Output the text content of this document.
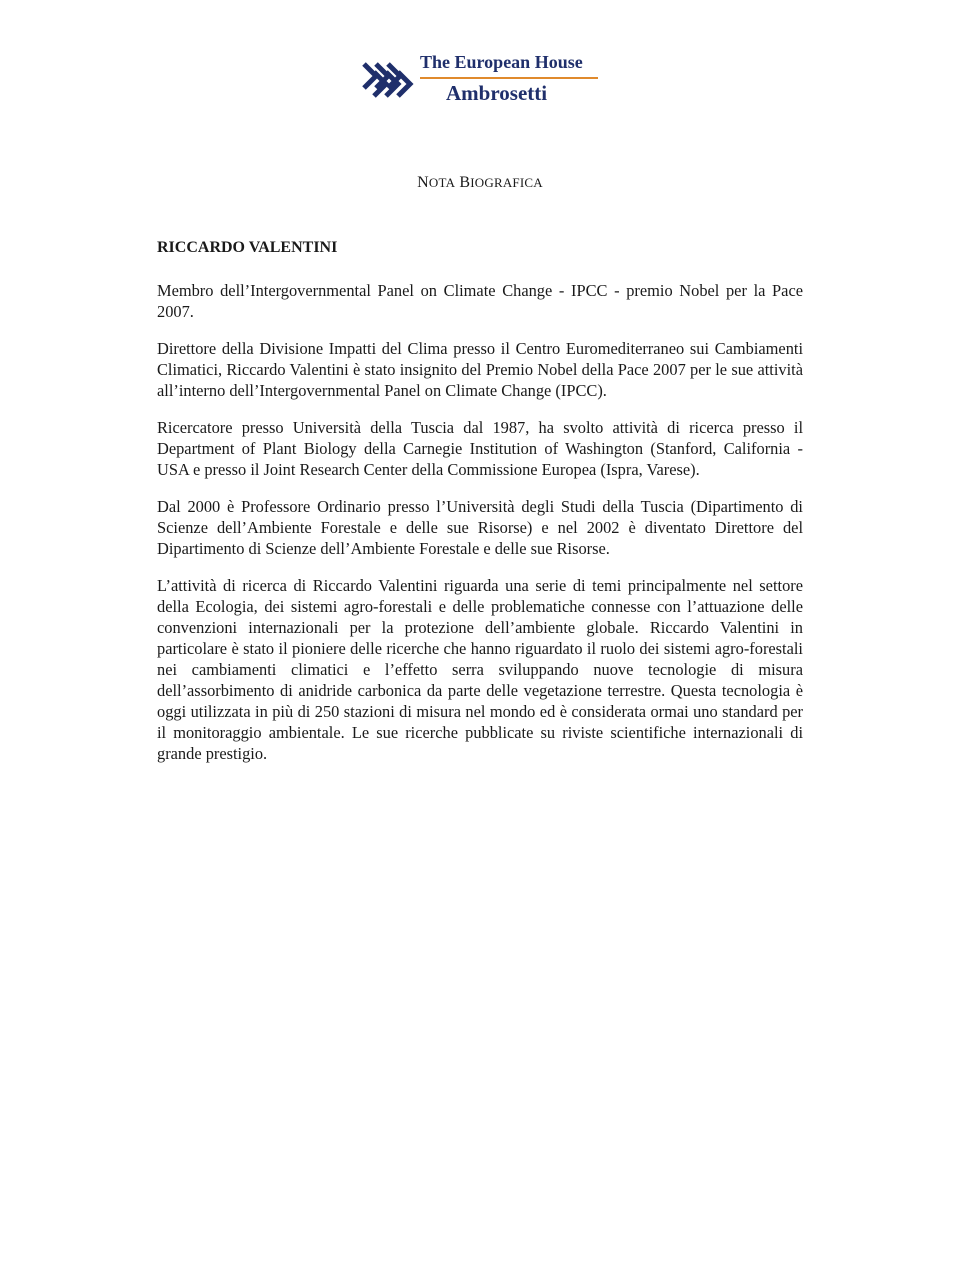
The European House
Ambrosetti
NOTA BIOGRAFICA
RICCARDO VALENTINI

Membro dell’Intergovernmental Panel on Climate Change - IPCC - premio Nobel per la Pace 2007.

Direttore della Divisione Impatti del Clima presso il Centro Euromediterraneo sui Cambiamenti Climatici, Riccardo Valentini è stato insignito del Premio Nobel della Pace 2007 per le sue attività all’interno dell’Intergovernmental Panel on Climate Change (IPCC).

Ricercatore presso Università della Tuscia dal 1987, ha svolto attività di ricerca presso il Department of Plant Biology della Carnegie Institution of Washington (Stanford, California - USA e presso il Joint Research Center della Commissione Europea (Ispra, Varese).

Dal 2000 è Professore Ordinario presso l’Università degli Studi della Tuscia (Dipartimento di Scienze dell’Ambiente Forestale e delle sue Risorse) e nel 2002 è diventato Direttore del Dipartimento di Scienze dell’Ambiente Forestale e delle sue Risorse.

L’attività di ricerca di Riccardo Valentini riguarda una serie di temi principalmente nel settore della Ecologia, dei sistemi agro-forestali e delle problematiche connesse con l’attuazione delle convenzioni internazionali per la protezione dell’ambiente globale. Riccardo Valentini in particolare è stato il pioniere delle ricerche che hanno riguardato il ruolo dei sistemi agro-forestali nei cambiamenti climatici e l’effetto serra sviluppando nuove tecnologie di misura dell’assorbimento di anidride carbonica da parte delle vegetazione terrestre. Questa tecnologia è oggi utilizzata in più di 250 stazioni di misura nel mondo ed è considerata ormai uno standard per il monitoraggio ambientale. Le sue ricerche pubblicate su riviste scientifiche internazionali di grande prestigio.
